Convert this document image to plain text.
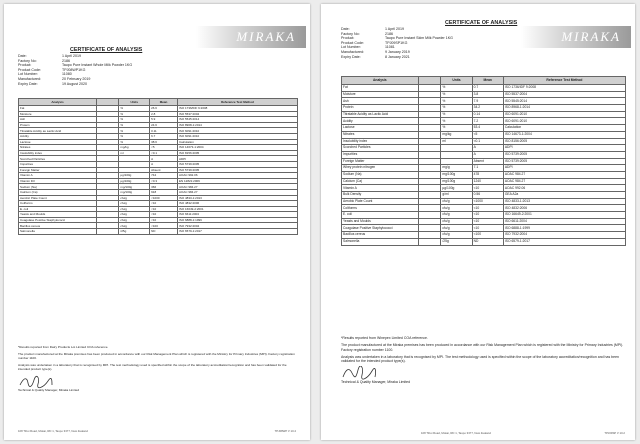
MIRAKA
CERTIFICATE OF ANALYSIS
Date:	1 April 2019
Factory No:	2186
Product:	Taupo Pure Instant Whole Milk Powder 1KG
Product Code:	TPJ08WP1KG
Lot Number:	11080
Manufactured:	20 February 2019
Expiry Date:	19 August 2020
Analysis		Units	Mean	Reference Test Method
Fat		%	26.6	ISO 1736/IDF 9:2008
Moisture		%	2.8	ISO 5537:2004
Ash		%	5.9	ISO 5545:2014
Protein		%	24.6	ISO 8968-1:2014
Titratable Acidity as Lactic Acid		%	0.11	ISO 6091:2010
Acidity		%	6.7	ISO 6091:2010
Lactose		%	38.6	Calculation
Nitrates		mg/kg	<5	ISO 14673-1:2004
Insolubility index		ml	<0.1	ISO 8156:2005
Scorched Particles			A	ADPI
Impurities			A	ISO 5739:2005
Foreign Matter			Absent	ISO 5739:2005
Vitamin A		µg/100g	744	AOAC 992.06
Vitamin D3		µg/100g	<0.3	EN 12821:2009
Sodium (Na)		mg/100g	366	AOAC 984.27
Calcium (Ca)		mg/100g	918	AOAC 984.27
Aerobic Plate Count		cfu/g	<1000	ISO 4833-1:2013
Coliforms		cfu/g	<10	ISO 4832:2006
E. coli		cfu/g	<10	ISO 16649-2:2001
Yeasts and Moulds		cfu/g	<10	ISO 6611:2004
Coagulase Positive Staphylococci		cfu/g	<10	ISO 6888-1:1999
Bacillus cereus		cfu/g	<100	ISO 7932:2004
Salmonella		/25g	ND	ISO 6579-1:2017

*Results reported from Dairy Products Lot Limited COA reference.

The product manufactured at the Miraka premises has been produced in accordance with our Risk Management Plan which is registered with the Ministry for Primary Industries (MPI). Factory registration number 1100.

Analysis was undertaken in a laboratory that is recognised by MPI. The test methodology used is specified within the scope of the laboratory accreditation/recognition and has been validated for the intended product type(s).

Technical & Quality Manager, Miraka Limited
108 Tihoi Road, Mokai, RD 1, Taupo 3377, New Zealand	TPJ08WP V 10.2
MIRAKA
CERTIFICATE OF ANALYSIS
Date:	1 April 2019
Factory No:	2186
Product:	Taupo Pure Instant Skim Milk Powder 1KG
Product Code:	TPJ09SP1KG
Lot Number:	11081
Manufactured:	9 January 2019
Expiry Date:	8 January 2021
Analysis		Units	Mean	Reference Test Method
Fat		%	0.7	ISO 1736/IDF 9:2008
Moisture		%	3.8	ISO 5537:2004
Ash		%	7.9	ISO 5545:2014
Protein		%	34.2	ISO 8968-1:2014
Titratable Acidity as Lactic Acid		%	0.14	ISO 6091:2010
Acidity		%	7.2	ISO 6091:2010
Lactose		%	53.4	Calculation
Nitrates		mg/kg	<5	ISO 14673-1:2004
Insolubility index		ml	<0.1	ISO 8156:2005
Scorched Particles			A	ADPI
Impurities			A	ISO 5739:2005
Foreign Matter			Absent	ISO 5739:2005
Whey protein nitrogen		mg/g	7.1	ADPI
Sodium (Na)		mg/100g	478	AOAC 984.27
Calcium (Ca)		mg/100g	1240	AOAC 984.27
Vitamin A		µg/100g	<10	AOAC 992.06
Bulk Density		g/ml	0.56	GEA A2a
Aerobic Plate Count		cfu/g	<1000	ISO 4833-1:2013
Coliforms		cfu/g	<10	ISO 4832:2006
E. coli		cfu/g	<10	ISO 16649-2:2001
Yeasts and Moulds		cfu/g	<10	ISO 6611:2004
Coagulase Positive Staphylococci		cfu/g	<10	ISO 6888-1:1999
Bacillus cereus		cfu/g	<100	ISO 7932:2004
Salmonella		/25g	ND	ISO 6579-1:2017

*Results reported from Winepex Limited COA reference.

The product manufactured at the Miraka premises has been produced in accordance with our Risk Management Plan which is registered with the Ministry for Primary Industries (MPI). Factory registration number 1100.

Analysis was undertaken in a laboratory that is recognised by MPI. The test methodology used is specified within the scope of the laboratory accreditation/recognition and has been validated for the intended product type(s).

Technical & Quality Manager, Miraka Limited
108 Tihoi Road, Mokai, RD 1, Taupo 3377, New Zealand	TPJ09SP V 10.2
